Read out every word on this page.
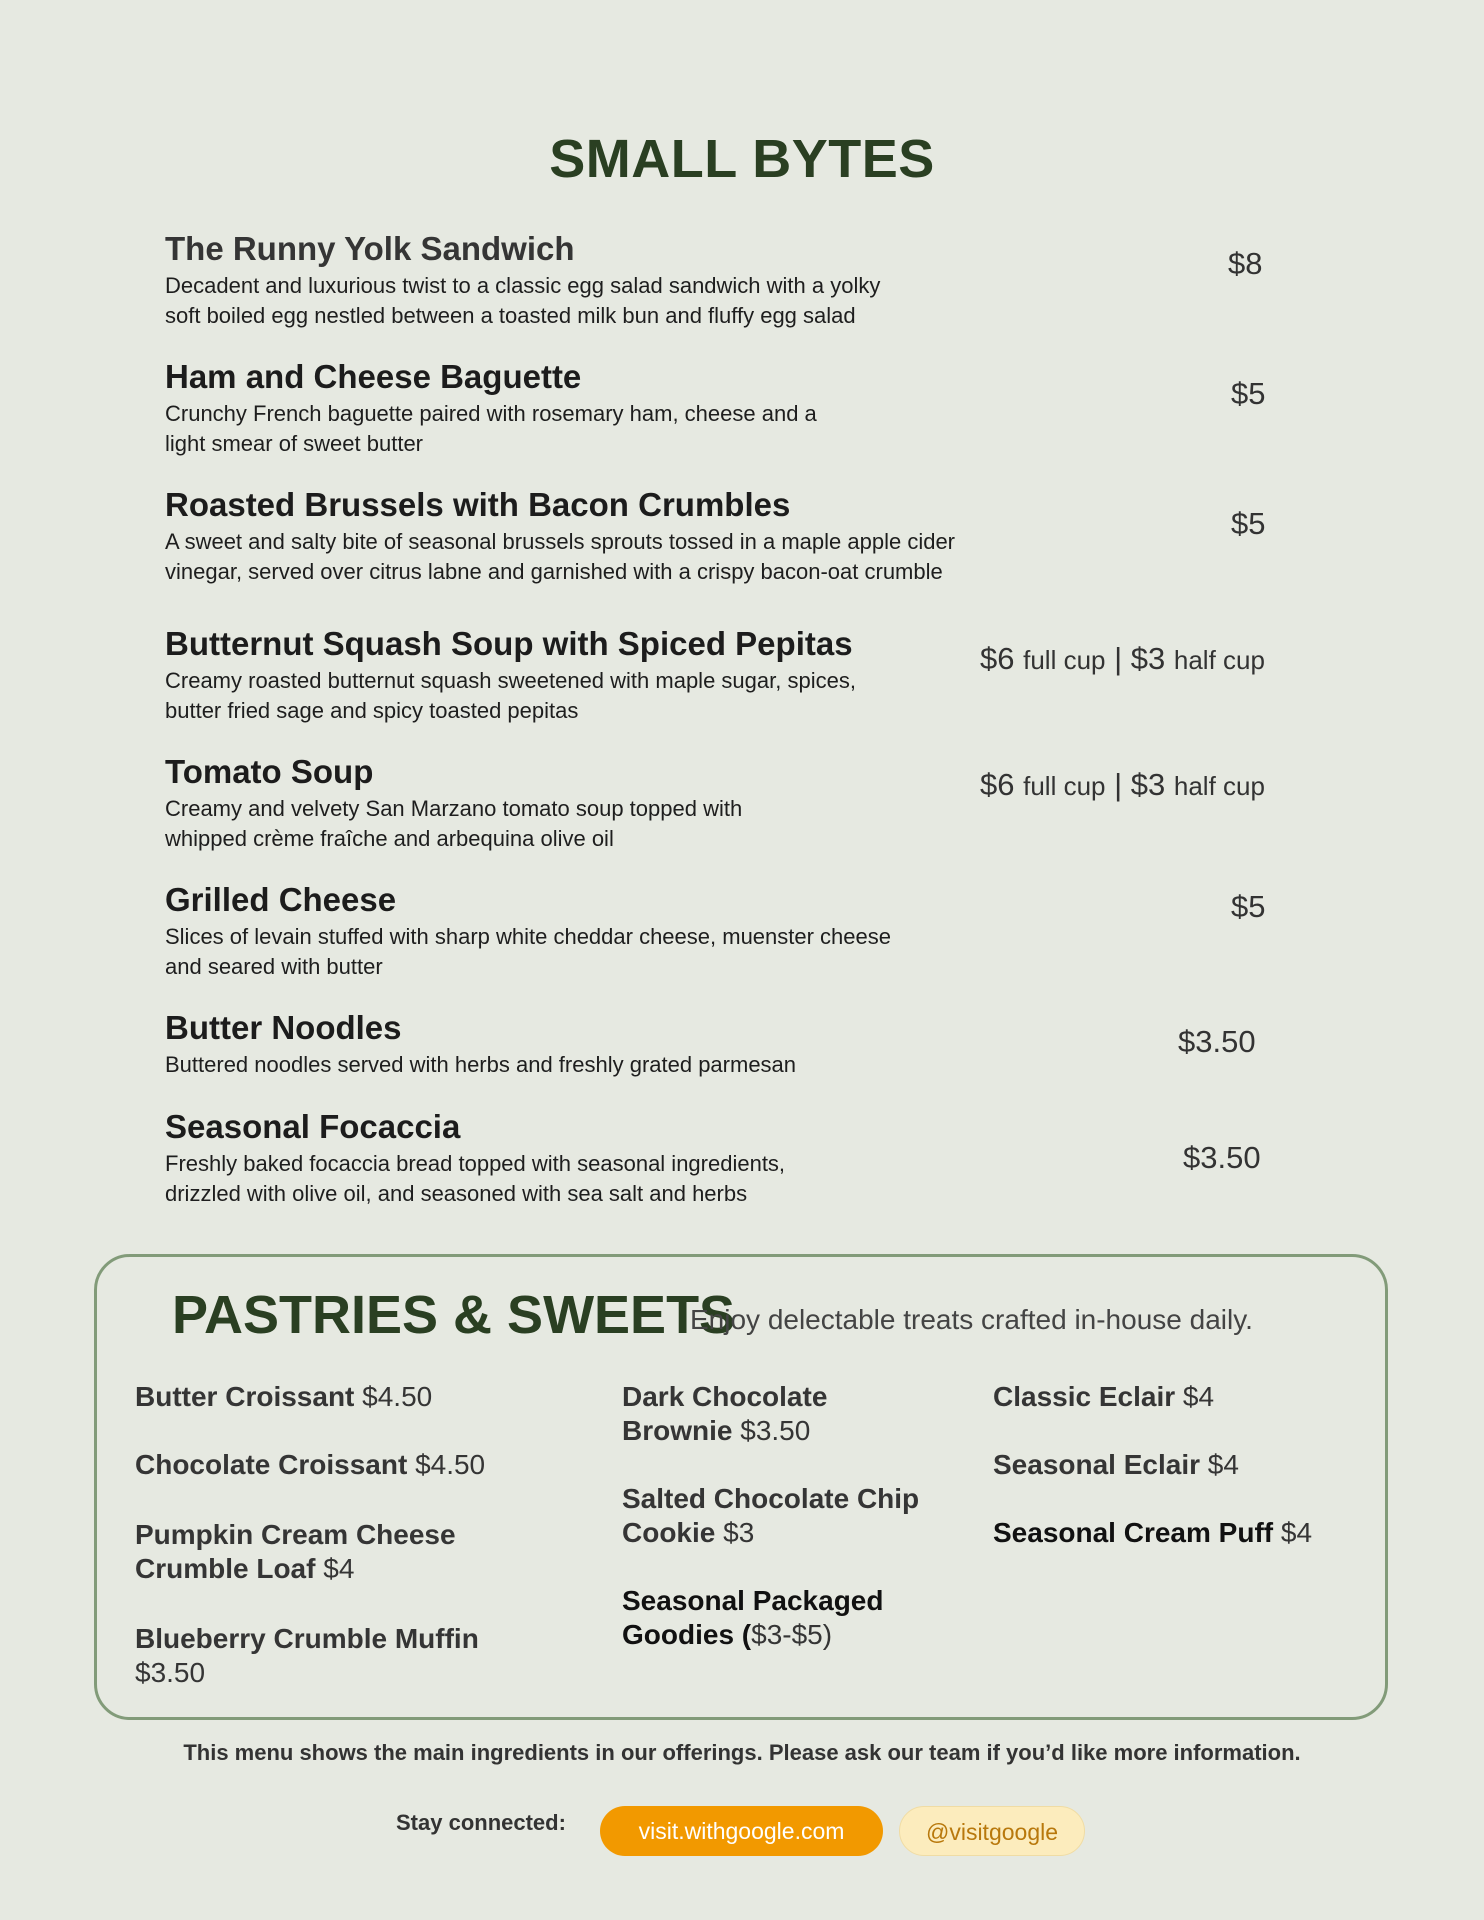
SMALL BYTES
The Runny Yolk Sandwich
Decadent and luxurious twist to a classic egg salad sandwich with a yolky
soft boiled egg nestled between a toasted milk bun and fluffy egg salad
$8
Ham and Cheese Baguette
Crunchy French baguette paired with rosemary ham, cheese and a
light smear of sweet butter
$5
Roasted Brussels with Bacon Crumbles
A sweet and salty bite of seasonal brussels sprouts tossed in a maple apple cider
vinegar, served over citrus labne and garnished with a crispy bacon-oat crumble
$5
Butternut Squash Soup with Spiced Pepitas
Creamy roasted butternut squash sweetened with maple sugar, spices,
butter fried sage and spicy toasted pepitas
$6 full cup | $3 half cup
Tomato Soup
Creamy and velvety San Marzano tomato soup topped with
whipped crème fraîche and arbequina olive oil
$6 full cup | $3 half cup
Grilled Cheese
Slices of levain stuffed with sharp white cheddar cheese, muenster cheese
and seared with butter
$5
Butter Noodles
Buttered noodles served with herbs and freshly grated parmesan
$3.50
Seasonal Focaccia
Freshly baked focaccia bread topped with seasonal ingredients,
drizzled with olive oil, and seasoned with sea salt and herbs
$3.50
PASTRIES & SWEETS
Enjoy delectable treats crafted in-house daily.
Butter Croissant $4.50
Chocolate Croissant $4.50
Pumpkin Cream Cheese
Crumble Loaf $4
Blueberry Crumble Muffin
$3.50
Dark Chocolate
Brownie $3.50
Salted Chocolate Chip
Cookie $3
Seasonal Packaged
Goodies ($3-$5)
Classic Eclair $4
Seasonal Eclair $4
Seasonal Cream Puff $4
This menu shows the main ingredients in our offerings. Please ask our team if you’d like more information.
Stay connected:	visit.withgoogle.com	@visitgoogle
